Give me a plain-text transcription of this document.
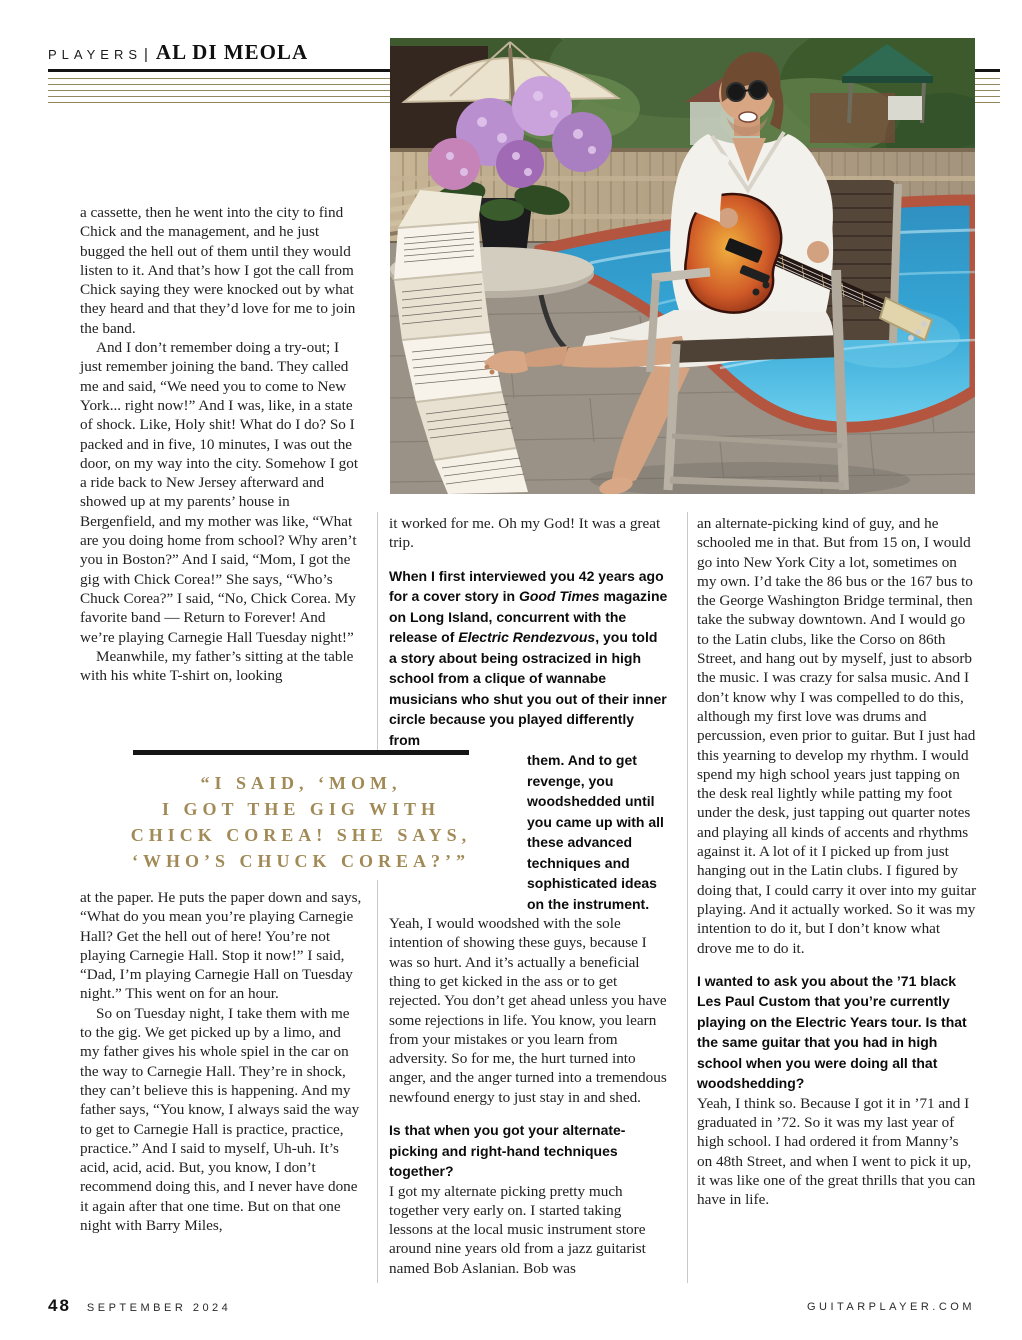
PLAYERS | AL DI MEOLA

a cassette, then he went into the city to find Chick and the management, and he just bugged the hell out of them until they would listen to it. And that’s how I got the call from Chick saying they were knocked out by what they heard and that they’d love for me to join the band.

And I don’t remember doing a try-out; I just remember joining the band. They called me and said, “We need you to come to New York... right now!” And I was, like, in a state of shock. Like, Holy shit! What do I do? So I packed and in five, 10 minutes, I was out the door, on my way into the city. Somehow I got a ride back to New Jersey afterward and showed up at my parents’ house in Bergenfield, and my mother was like, “What are you doing home from school? Why aren’t you in Boston?” And I said, “Mom, I got the gig with Chick Corea!” She says, “Who’s Chuck Corea?” I said, “No, Chick Corea. My favorite band — Return to Forever! And we’re playing Carnegie Hall Tuesday night!”

Meanwhile, my father’s sitting at the table with his white T-shirt on, looking

“I SAID, ‘MOM,
I GOT THE GIG WITH
CHICK COREA! SHE SAYS,
‘WHO’S CHUCK COREA?’”

at the paper. He puts the paper down and says, “What do you mean you’re playing Carnegie Hall? Get the hell out of here! You’re not playing Carnegie Hall. Stop it now!” I said, “Dad, I’m playing Carnegie Hall on Tuesday night.” This went on for an hour.

So on Tuesday night, I take them with me to the gig. We get picked up by a limo, and my father gives his whole spiel in the car on the way to Carnegie Hall. They’re in shock, they can’t believe this is happening. And my father says, “You know, I always said the way to get to Carnegie Hall is practice, practice, practice.” And I said to myself, Uh-uh. It’s acid, acid, acid. But, you know, I don’t recommend doing this, and I never have done it again after that one time. But on that one night with Barry Miles,

it worked for me. Oh my God! It was a great trip.

When I first interviewed you 42 years ago for a cover story in Good Times magazine on Long Island, concurrent with the release of Electric Rendezvous, you told a story about being ostracized in high school from a clique of wannabe musicians who shut you out of their inner circle because you played differently from
them. And to get revenge, you woodshedded until you came up with all these advanced techniques and sophisticated ideas on the instrument.

Yeah, I would woodshed with the sole intention of showing these guys, because I was so hurt. And it’s actually a beneficial thing to get kicked in the ass or to get rejected. You don’t get ahead unless you have some rejections in life. You know, you learn from your mistakes or you learn from adversity. So for me, the hurt turned into anger, and the anger turned into a tremendous newfound energy to just stay in and shed.

Is that when you got your alternate-picking and right-hand techniques together?

I got my alternate picking pretty much together very early on. I started taking lessons at the local music instrument store around nine years old from a jazz guitarist named Bob Aslanian. Bob was

an alternate-picking kind of guy, and he schooled me in that. But from 15 on, I would go into New York City a lot, sometimes on my own. I’d take the 86 bus or the 167 bus to the George Washington Bridge terminal, then take the subway downtown. And I would go to the Latin clubs, like the Corso on 86th Street, and hang out by myself, just to absorb the music. I was crazy for salsa music. And I don’t know why I was compelled to do this, although my first love was drums and percussion, even prior to guitar. But I just had this yearning to develop my rhythm. I would spend my high school years just tapping on the desk real lightly while patting my foot under the desk, just tapping out quarter notes and playing all kinds of accents and rhythms against it. A lot of it I picked up from just hanging out in the Latin clubs. I figured by doing that, I could carry it over into my guitar playing. And it actually worked. So it was my intention to do it, but I don’t know what drove me to do it.

I wanted to ask you about the ’71 black Les Paul Custom that you’re currently playing on the Electric Years tour. Is that the same guitar that you had in high school when you were doing all that woodshedding?

Yeah, I think so. Because I got it in ’71 and I graduated in ’72. So it was my last year of high school. I had ordered it from Manny’s on 48th Street, and when I went to pick it up, it was like one of the great thrills that you can have in life.

48 SEPTEMBER 2024	GUITARPLAYER.COM
